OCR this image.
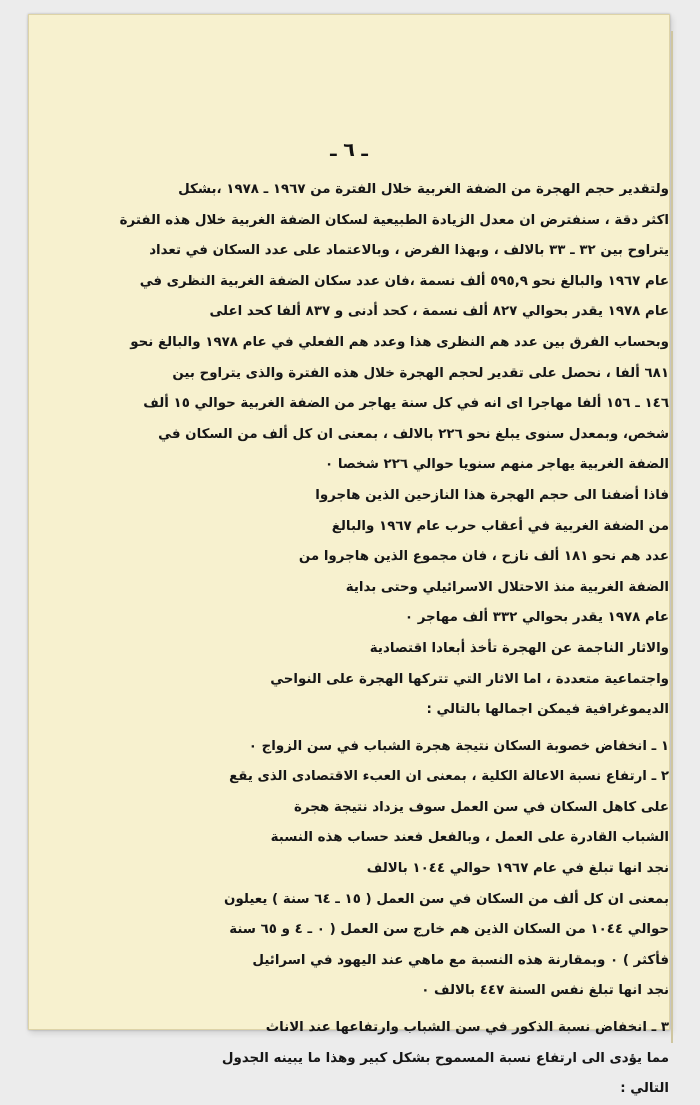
ـ ٦ ـ
ولتقدير حجم الهجرة من الضفة الغربية خلال الفترة من ١٩٦٧ ـ ١٩٧٨ ،بشكل
اكثر دقة ، سنفترض ان معدل الزيادة الطبيعية لسكان الضفة الغربية خلال هذه الفترة
يتراوح بين ٣٢ ـ ٣٣ بالالف ، وبهذا الفرض ، وبالاعتماد على عدد السكان في تعداد
عام ١٩٦٧ والبالغ نحو ٥٩٥,٩ ألف نسمة ،فان عدد سكان الضفة الغربية النظرى في
عام ١٩٧٨ يقدر بحوالي ٨٢٧ ألف نسمة ، كحد أدنى و ٨٣٧ ألفا كحد اعلى
وبحساب الفرق بين عدد هم النظرى هذا وعدد هم الفعلي في عام ١٩٧٨ والبالغ نحو
٦٨١ ألفا ، نحصل على تقدير لحجم الهجرة خلال هذه الفترة والذى يتراوح بين
١٤٦ ـ ١٥٦ ألفا مهاجرا اى انه في كل سنة يهاجر من الضفة الغربية حوالي ١٥ ألف
شخص، وبمعدل سنوى يبلغ نحو ٢٢٦ بالالف ، بمعنى ان كل ألف من السكان في
الضفة الغربية يهاجر منهم سنويا حوالي ٢٢٦ شخصا ٠
فاذا أضفنا الى حجم الهجرة هذا النازحين الذين هاجروا
من الضفة الغربية في أعقاب حرب عام ١٩٦٧ والبالغ
عدد هم نحو ١٨١ ألف نازح ، فان مجموع الذين هاجروا من
الضفة الغربية منذ الاحتلال الاسرائيلي وحتى بداية
عام ١٩٧٨ يقدر بحوالي ٣٣٢ ألف مهاجر ٠
والاثار الناجمة عن الهجرة تأخذ أبعادا اقتصادية
واجتماعية متعددة ، اما الاثار التي تتركها الهجرة على النواحي
الديموغرافية فيمكن اجمالها بالتالي :
١ ـ انخفاض خصوبة السكان نتيجة هجرة الشباب في سن الزواج ٠
٢ ـ ارتفاع نسبة الاعالة الكلية ، بمعنى ان العبء الاقتصادى الذى يقع
على كاهل السكان في سن العمل سوف يزداد نتيجة هجرة
الشباب القادرة على العمل ، وبالفعل فعند حساب هذه النسبة
نجد انها تبلغ في عام ١٩٦٧ حوالي ١٠٤٤ بالالف
بمعنى ان كل ألف من السكان في سن العمل ( ١٥ ـ ٦٤ سنة ) يعيلون
حوالي ١٠٤٤ من السكان الذين هم خارج سن العمل ( ٠ ـ ٤ و ٦٥ سنة
فأكثر ) ٠ وبمقارنة هذه النسبة مع ماهي عند اليهود في اسرائيل
نجد انها تبلغ نفس السنة ٤٤٧ بالالف ٠
٣ ـ انخفاض نسبة الذكور في سن الشباب وارتفاعها عند الاناث
مما يؤدى الى ارتفاع نسبة المسموح بشكل كبير وهذا ما يبينه الجدول
التالي :
